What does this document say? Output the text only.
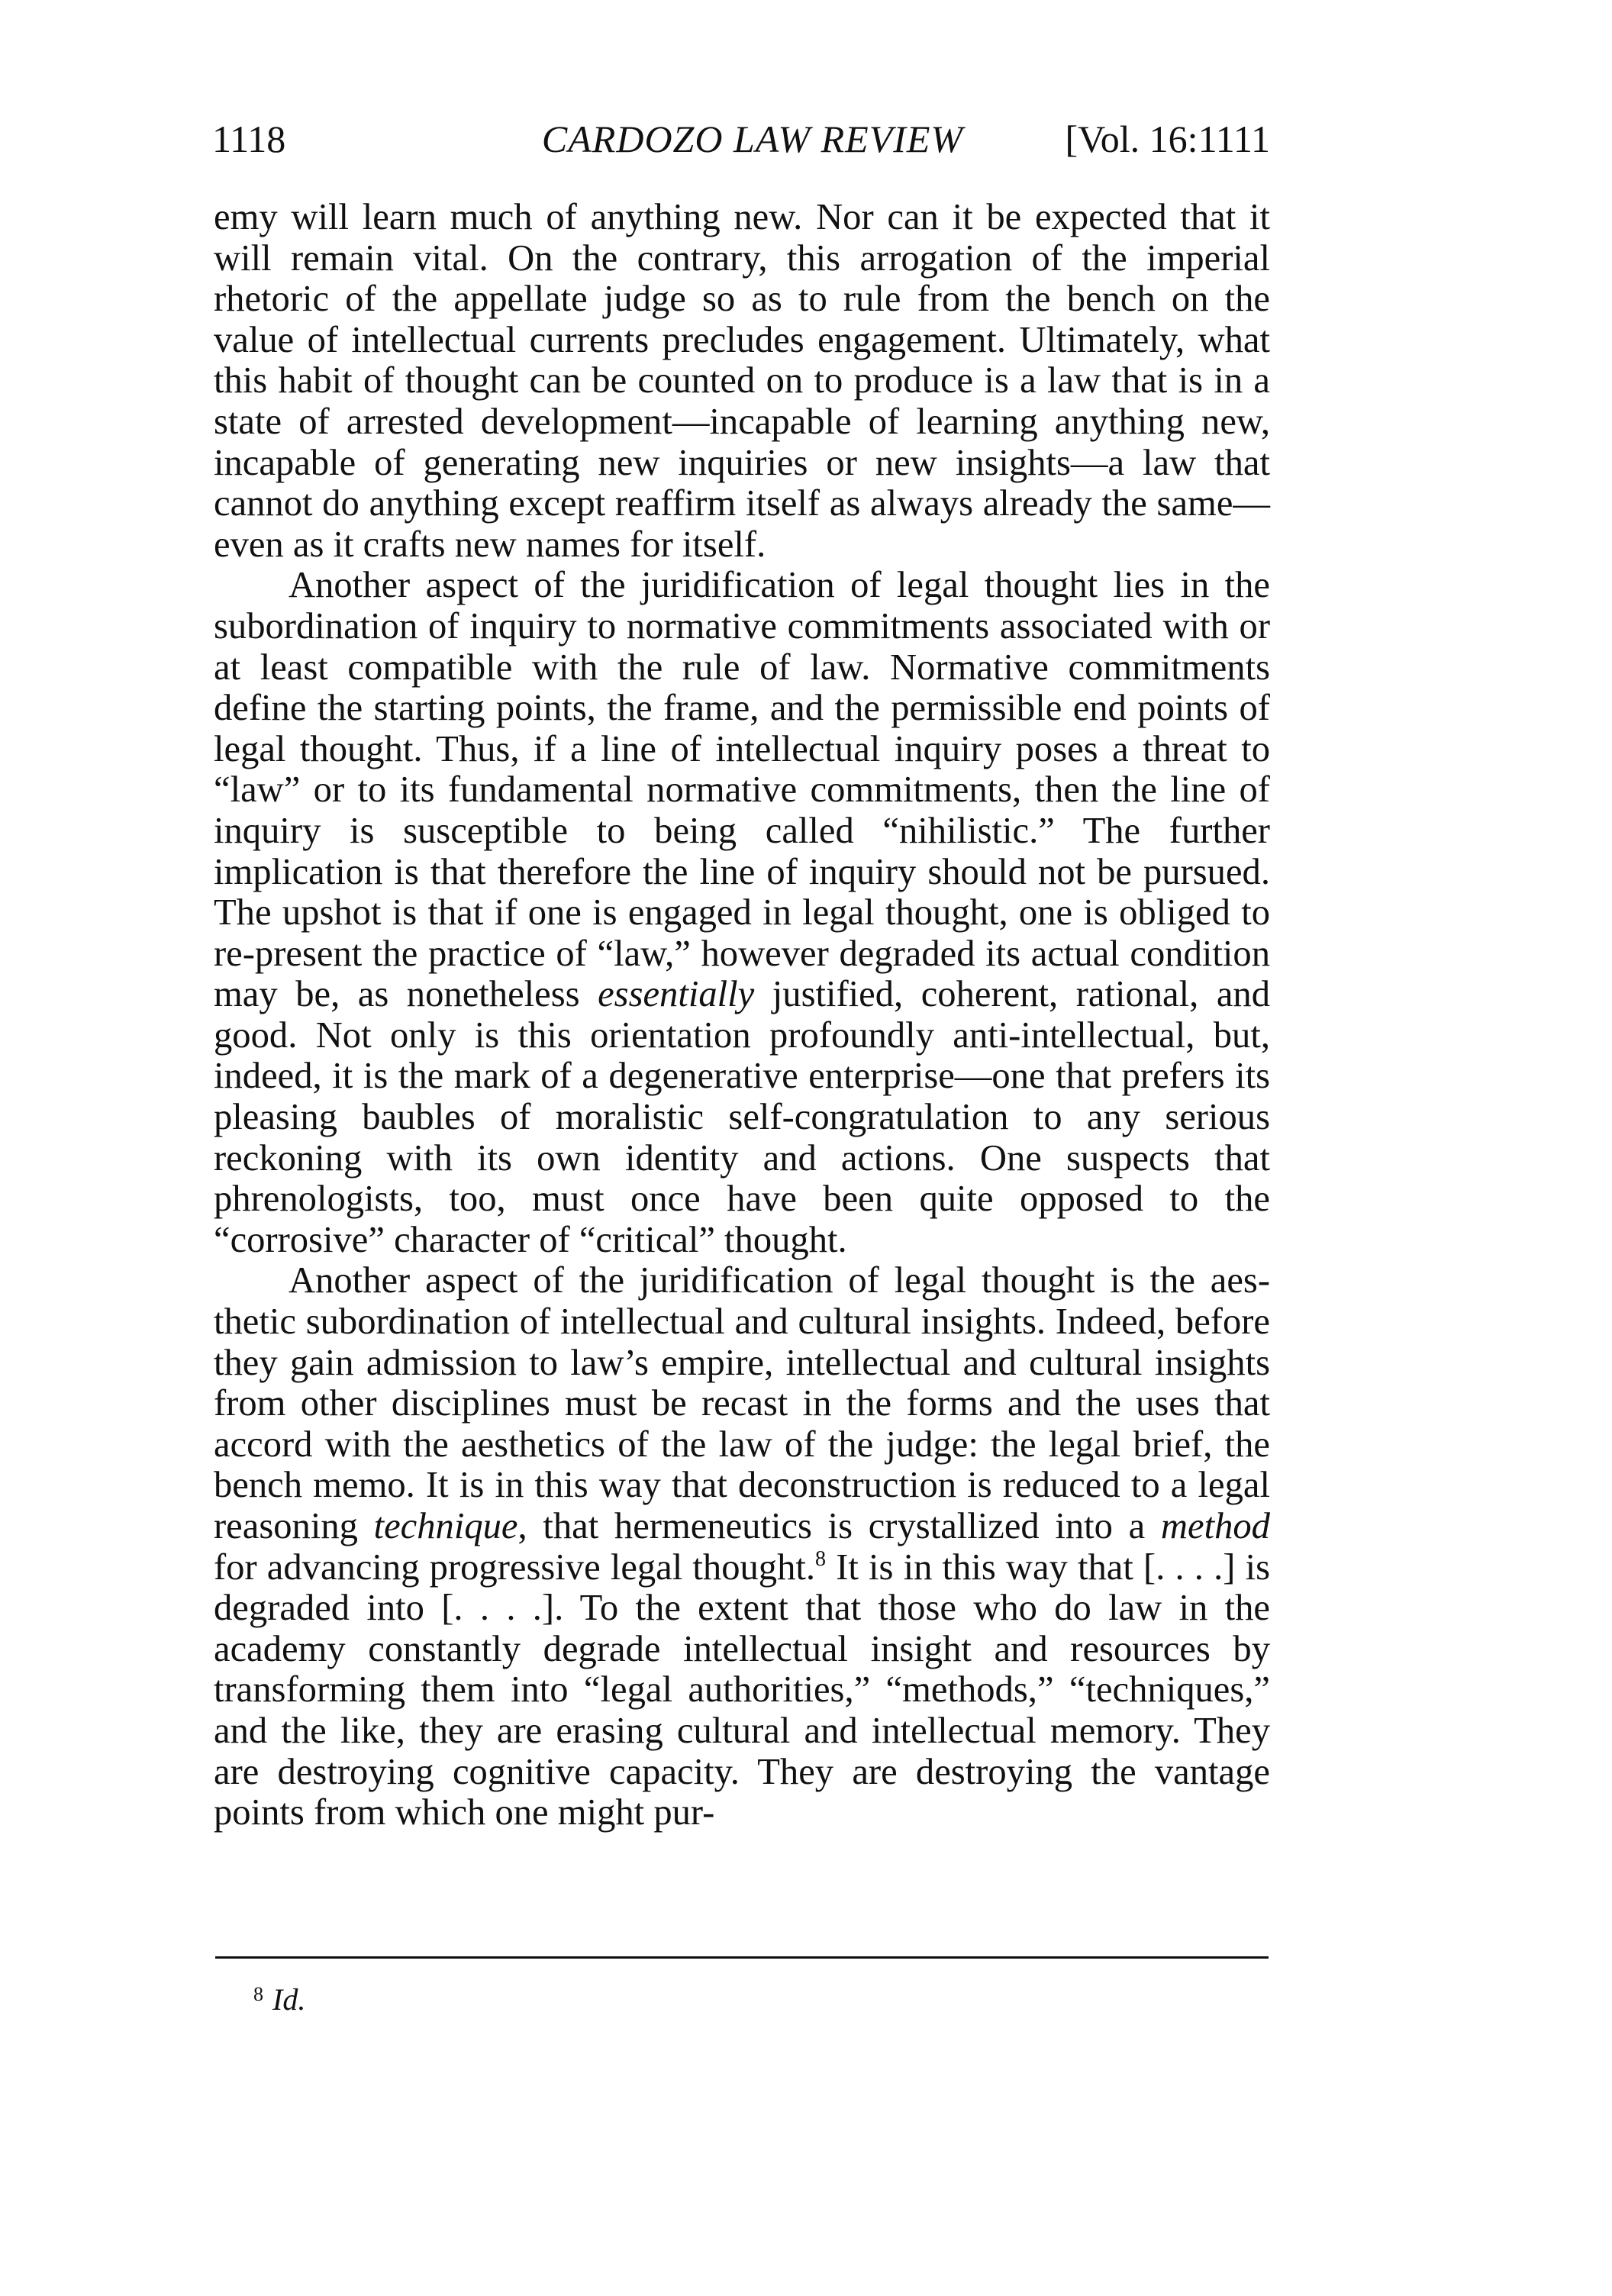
1118	CARDOZO LAW REVIEW	[Vol. 16:1111

emy will learn much of anything new. Nor can it be expected that it will remain vital. On the contrary, this arrogation of the imperial rhetoric of the appellate judge so as to rule from the bench on the value of intellectual currents precludes engagement. Ultimately, what this habit of thought can be counted on to produce is a law that is in a state of arrested development—incapable of learning anything new, incapable of generating new inquiries or new insights—a law that cannot do anything except reaffirm itself as always already the same—even as it crafts new names for itself.

Another aspect of the juridification of legal thought lies in the subordination of inquiry to normative commitments associated with or at least compatible with the rule of law. Normative commitments define the starting points, the frame, and the permissible end points of legal thought. Thus, if a line of intellectual inquiry poses a threat to “law” or to its fundamental normative commitments, then the line of inquiry is susceptible to being called “nihilistic.” The further implication is that therefore the line of inquiry should not be pursued. The upshot is that if one is engaged in legal thought, one is obliged to re-present the practice of “law,” however degraded its actual condition may be, as nonetheless essentially justified, coherent, rational, and good. Not only is this orientation profoundly anti-intellectual, but, indeed, it is the mark of a degenerative enterprise—one that prefers its pleasing baubles of moralistic self-congratulation to any serious reckoning with its own identity and actions. One suspects that phrenologists, too, must once have been quite opposed to the “corrosive” character of “critical” thought.

Another aspect of the juridification of legal thought is the aesthetic subordination of intellectual and cultural insights. Indeed, before they gain admission to law’s empire, intellectual and cultural insights from other disciplines must be recast in the forms and the uses that accord with the aesthetics of the law of the judge: the legal brief, the bench memo. It is in this way that deconstruction is reduced to a legal reasoning technique, that hermeneutics is crystallized into a method for advancing progressive legal thought.$^8$ It is in this way that [. . . .] is degraded into [. . . .]. To the extent that those who do law in the academy constantly degrade intellectual insight and resources by transforming them into “legal authorities,” “methods,” “techniques,” and the like, they are erasing cultural and intellectual memory. They are destroying cognitive capacity. They are destroying the vantage points from which one might pur-

$^8$ Id.
